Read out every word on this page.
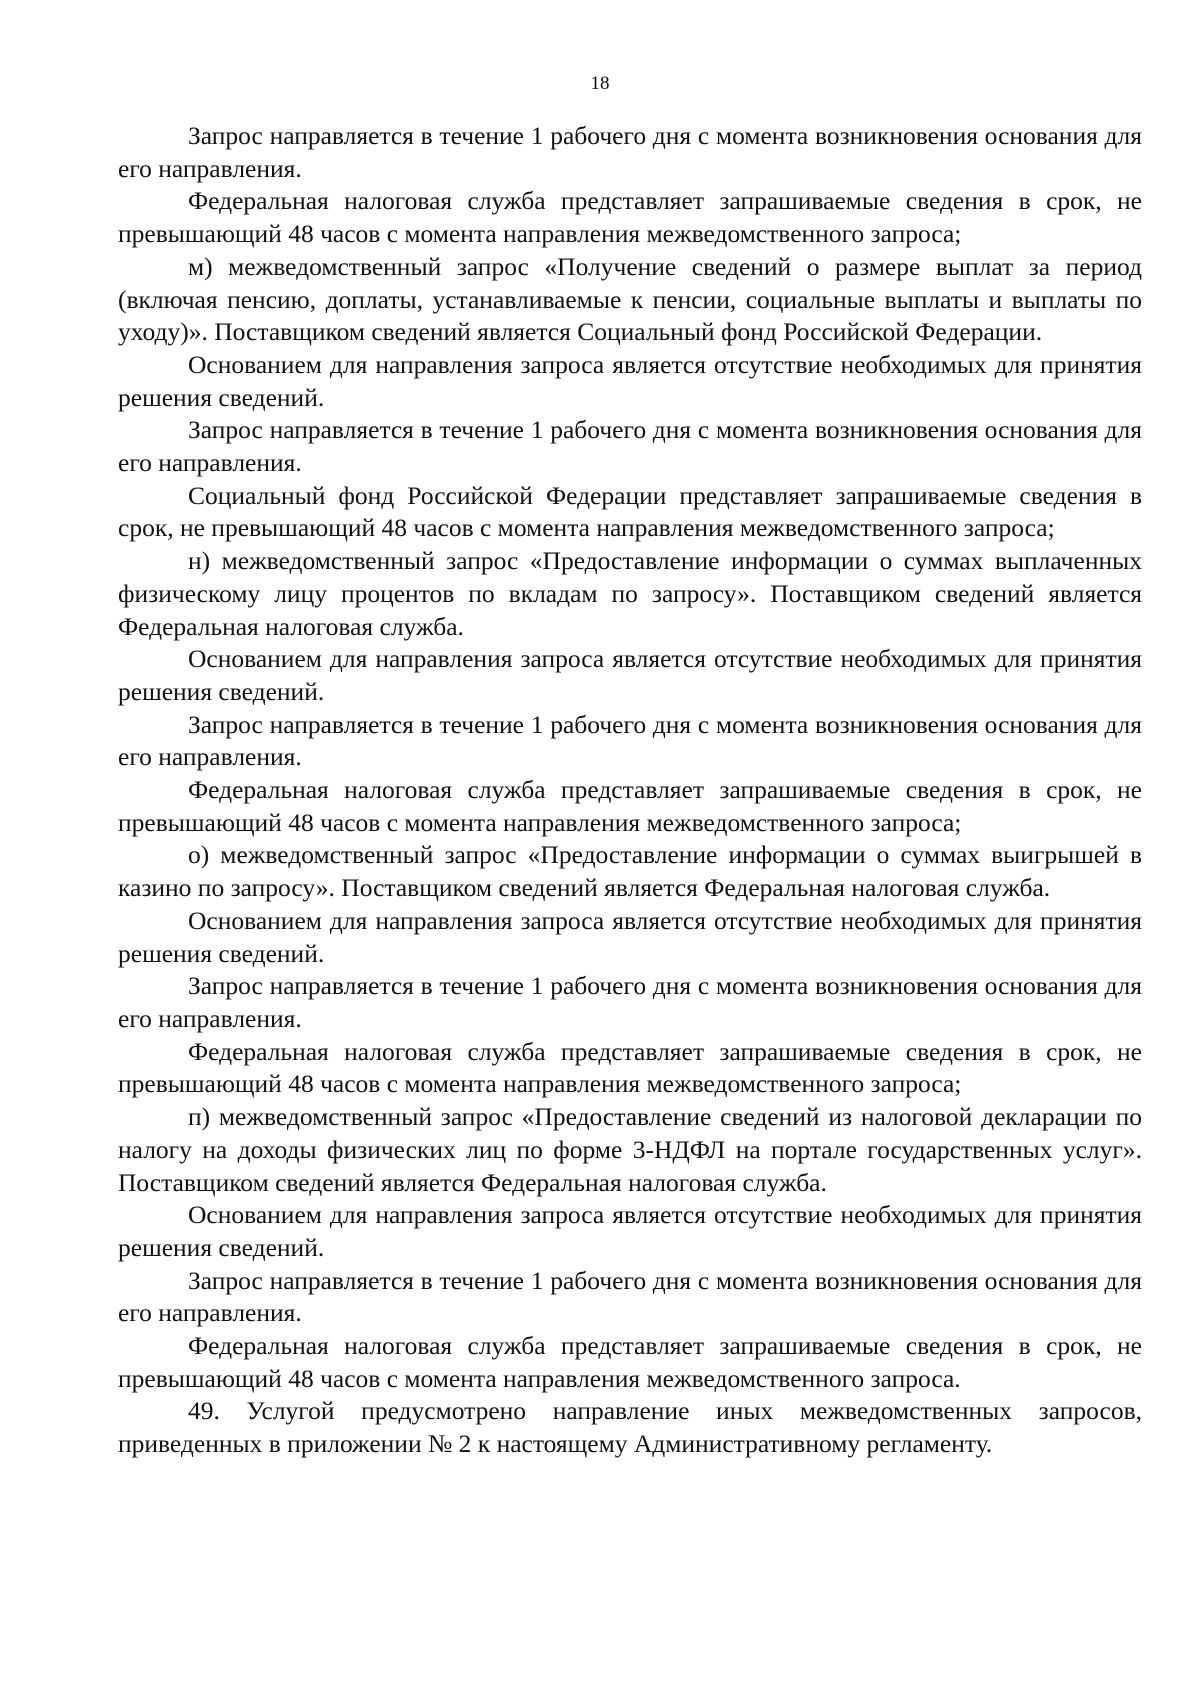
18

Запрос направляется в течение 1 рабочего дня с момента возникновения основания для его направления.

Федеральная налоговая служба представляет запрашиваемые сведения в срок, не превышающий 48 часов с момента направления межведомственного запроса;

м) межведомственный запрос «Получение сведений о размере выплат за период (включая пенсию, доплаты, устанавливаемые к пенсии, социальные выплаты и выплаты по уходу)». Поставщиком сведений является Социальный фонд Российской Федерации.

Основанием для направления запроса является отсутствие необходимых для принятия решения сведений.

Запрос направляется в течение 1 рабочего дня с момента возникновения основания для его направления.

Социальный фонд Российской Федерации представляет запрашиваемые сведения в срок, не превышающий 48 часов с момента направления межведомственного запроса;

н) межведомственный запрос «Предоставление информации о суммах выплаченных физическому лицу процентов по вкладам по запросу». Поставщиком сведений является Федеральная налоговая служба.

Основанием для направления запроса является отсутствие необходимых для принятия решения сведений.

Запрос направляется в течение 1 рабочего дня с момента возникновения основания для его направления.

Федеральная налоговая служба представляет запрашиваемые сведения в срок, не превышающий 48 часов с момента направления межведомственного запроса;

о) межведомственный запрос «Предоставление информации о суммах выигрышей в казино по запросу». Поставщиком сведений является Федеральная налоговая служба.

Основанием для направления запроса является отсутствие необходимых для принятия решения сведений.

Запрос направляется в течение 1 рабочего дня с момента возникновения основания для его направления.

Федеральная налоговая служба представляет запрашиваемые сведения в срок, не превышающий 48 часов с момента направления межведомственного запроса;

п) межведомственный запрос «Предоставление сведений из налоговой декларации по налогу на доходы физических лиц по форме 3-НДФЛ на портале государственных услуг». Поставщиком сведений является Федеральная налоговая служба.

Основанием для направления запроса является отсутствие необходимых для принятия решения сведений.

Запрос направляется в течение 1 рабочего дня с момента возникновения основания для его направления.

Федеральная налоговая служба представляет запрашиваемые сведения в срок, не превышающий 48 часов с момента направления межведомственного запроса.

49. Услугой предусмотрено направление иных межведомственных запросов, приведенных в приложении № 2 к настоящему Административному регламенту.
